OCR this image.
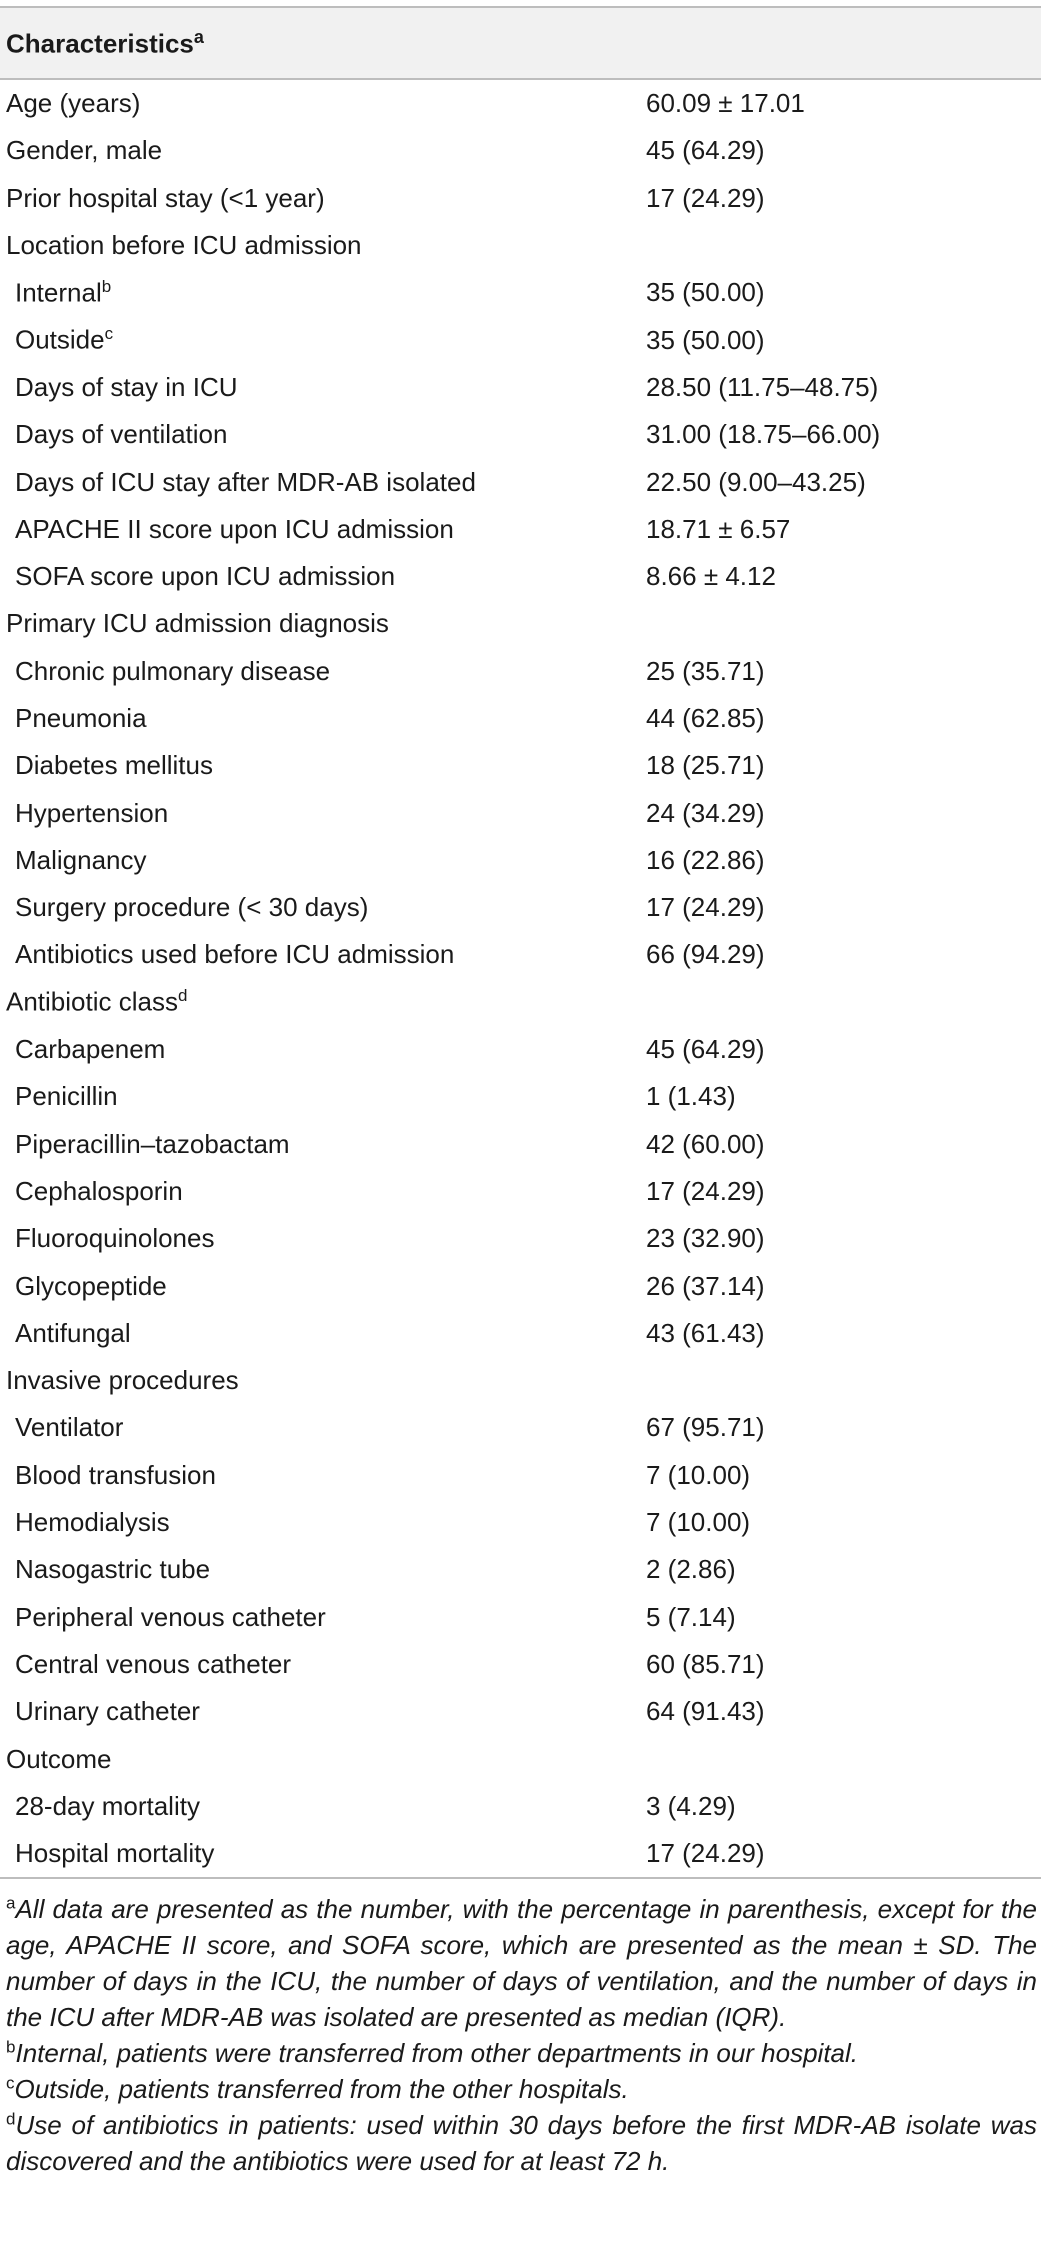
Characteristics$^a$
Age (years)	60.09 ± 17.01
Gender, male	45 (64.29)
Prior hospital stay (<1 year)	17 (24.29)
Location before ICU admission	
Internal$^b$	35 (50.00)
Outside$^c$	35 (50.00)
Days of stay in ICU	28.50 (11.75–48.75)
Days of ventilation	31.00 (18.75–66.00)
Days of ICU stay after MDR-AB isolated	22.50 (9.00–43.25)
APACHE II score upon ICU admission	18.71 ± 6.57
SOFA score upon ICU admission	8.66 ± 4.12
Primary ICU admission diagnosis	
Chronic pulmonary disease	25 (35.71)
Pneumonia	44 (62.85)
Diabetes mellitus	18 (25.71)
Hypertension	24 (34.29)
Malignancy	16 (22.86)
Surgery procedure (< 30 days)	17 (24.29)
Antibiotics used before ICU admission	66 (94.29)
Antibiotic class$^d$	
Carbapenem	45 (64.29)
Penicillin	1 (1.43)
Piperacillin–tazobactam	42 (60.00)
Cephalosporin	17 (24.29)
Fluoroquinolones	23 (32.90)
Glycopeptide	26 (37.14)
Antifungal	43 (61.43)
Invasive procedures	
Ventilator	67 (95.71)
Blood transfusion	7 (10.00)
Hemodialysis	7 (10.00)
Nasogastric tube	2 (2.86)
Peripheral venous catheter	5 (7.14)
Central venous catheter	60 (85.71)
Urinary catheter	64 (91.43)
Outcome	
28-day mortality	3 (4.29)
Hospital mortality	17 (24.29)

$^a$All data are presented as the number, with the percentage in parenthesis, except for the age, APACHE II score, and SOFA score, which are presented as the mean ± SD. The number of days in the ICU, the number of days of ventilation, and the number of days in the ICU after MDR-AB was isolated are presented as median (IQR).

$^b$Internal, patients were transferred from other departments in our hospital.

$^c$Outside, patients transferred from the other hospitals.

$^d$Use of antibiotics in patients: used within 30 days before the first MDR-AB isolate was discovered and the antibiotics were used for at least 72 h.
